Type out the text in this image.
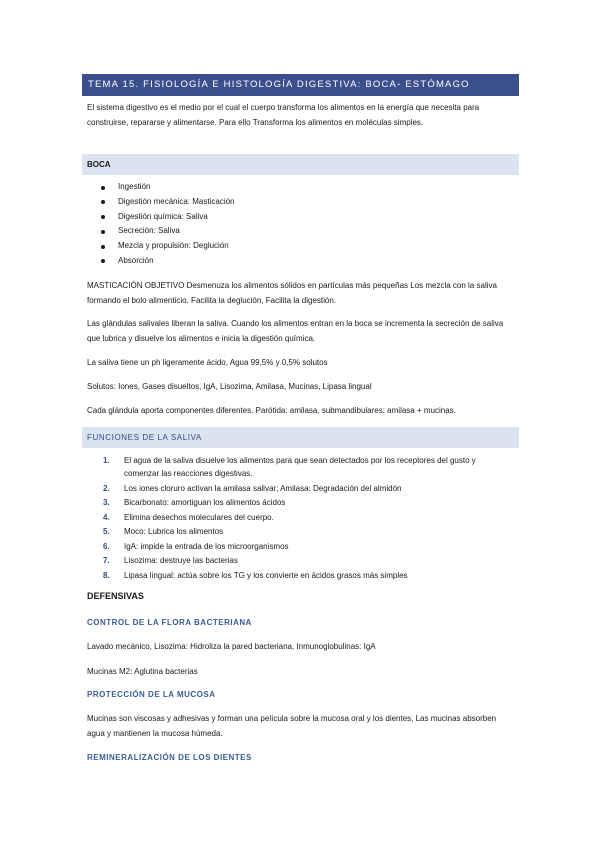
TEMA 15. FISIOLOGÍA E HISTOLOGÍA DIGESTIVA: BOCA- ESTÓMAGO
El sistema digestivo es el medio por el cual el cuerpo transforma los alimentos en la energía que necesita para construirse, repararse y alimentarse. Para ello Transforma los alimentos en moléculas simples.
BOCA
Ingestión
Digestión mecánica: Masticación
Digestión química: Saliva
Secreción: Saliva
Mezcla y propulsión: Deglución
Absorción
MASTICACIÓN OBJETIVO Desmenuza los alimentos sólidos en partículas más pequeñas Los mezcla con la saliva formando el bolo alimenticio. Facilita la deglución, Facilita la digestión.
Las glándulas salivales liberan la saliva. Cuando los alimentos entran en la boca se incrementa la secreción de saliva que lubrica y disuelve los alimentos e inicia la digestión química.
La saliva tiene un ph ligeramente ácido, Agua 99,5% y 0,5% solutos
Solutos: Iones, Gases disueltos, IgA, Lisozima, Amilasa, Mucinas, Lipasa lingual
Cada glándula aporta componentes diferentes. Parótida: amilasa, submandibulares: amilasa + mucinas.
FUNCIONES DE LA SALIVA
1. El agua de la saliva disuelve los alimentos para que sean detectados por los receptores del gusto y comenzar las reacciones digestivas.
2. Los iones cloruro activan la amilasa salivar; Amilasa: Degradación del almidón
3. Bicarbonato: amortiguan los alimentos ácidos
4. Elimina desechos moleculares del cuerpo.
5. Moco: Lubrica los alimentos
6. IgA: impide la entrada de los microorganismos
7. Lisozima: destruye las bacterias
8. Lipasa lingual: actúa sobre los TG y los convierte en ácidos grasos más simples
DEFENSIVAS
CONTROL DE LA FLORA BACTERIANA
Lavado mecánico, Lisozima: Hidroliza la pared bacteriana, Inmunoglobulinas: IgA
Mucinas M2: Aglutina bacterias
PROTECCIÓN DE LA MUCOSA
Mucinas son viscosas y adhesivas y forman una película sobre la mucosa oral y los dientes, Las mucinas absorben agua y mantienen la mucosa húmeda.
REMINERALIZACIÓN DE LOS DIENTES
